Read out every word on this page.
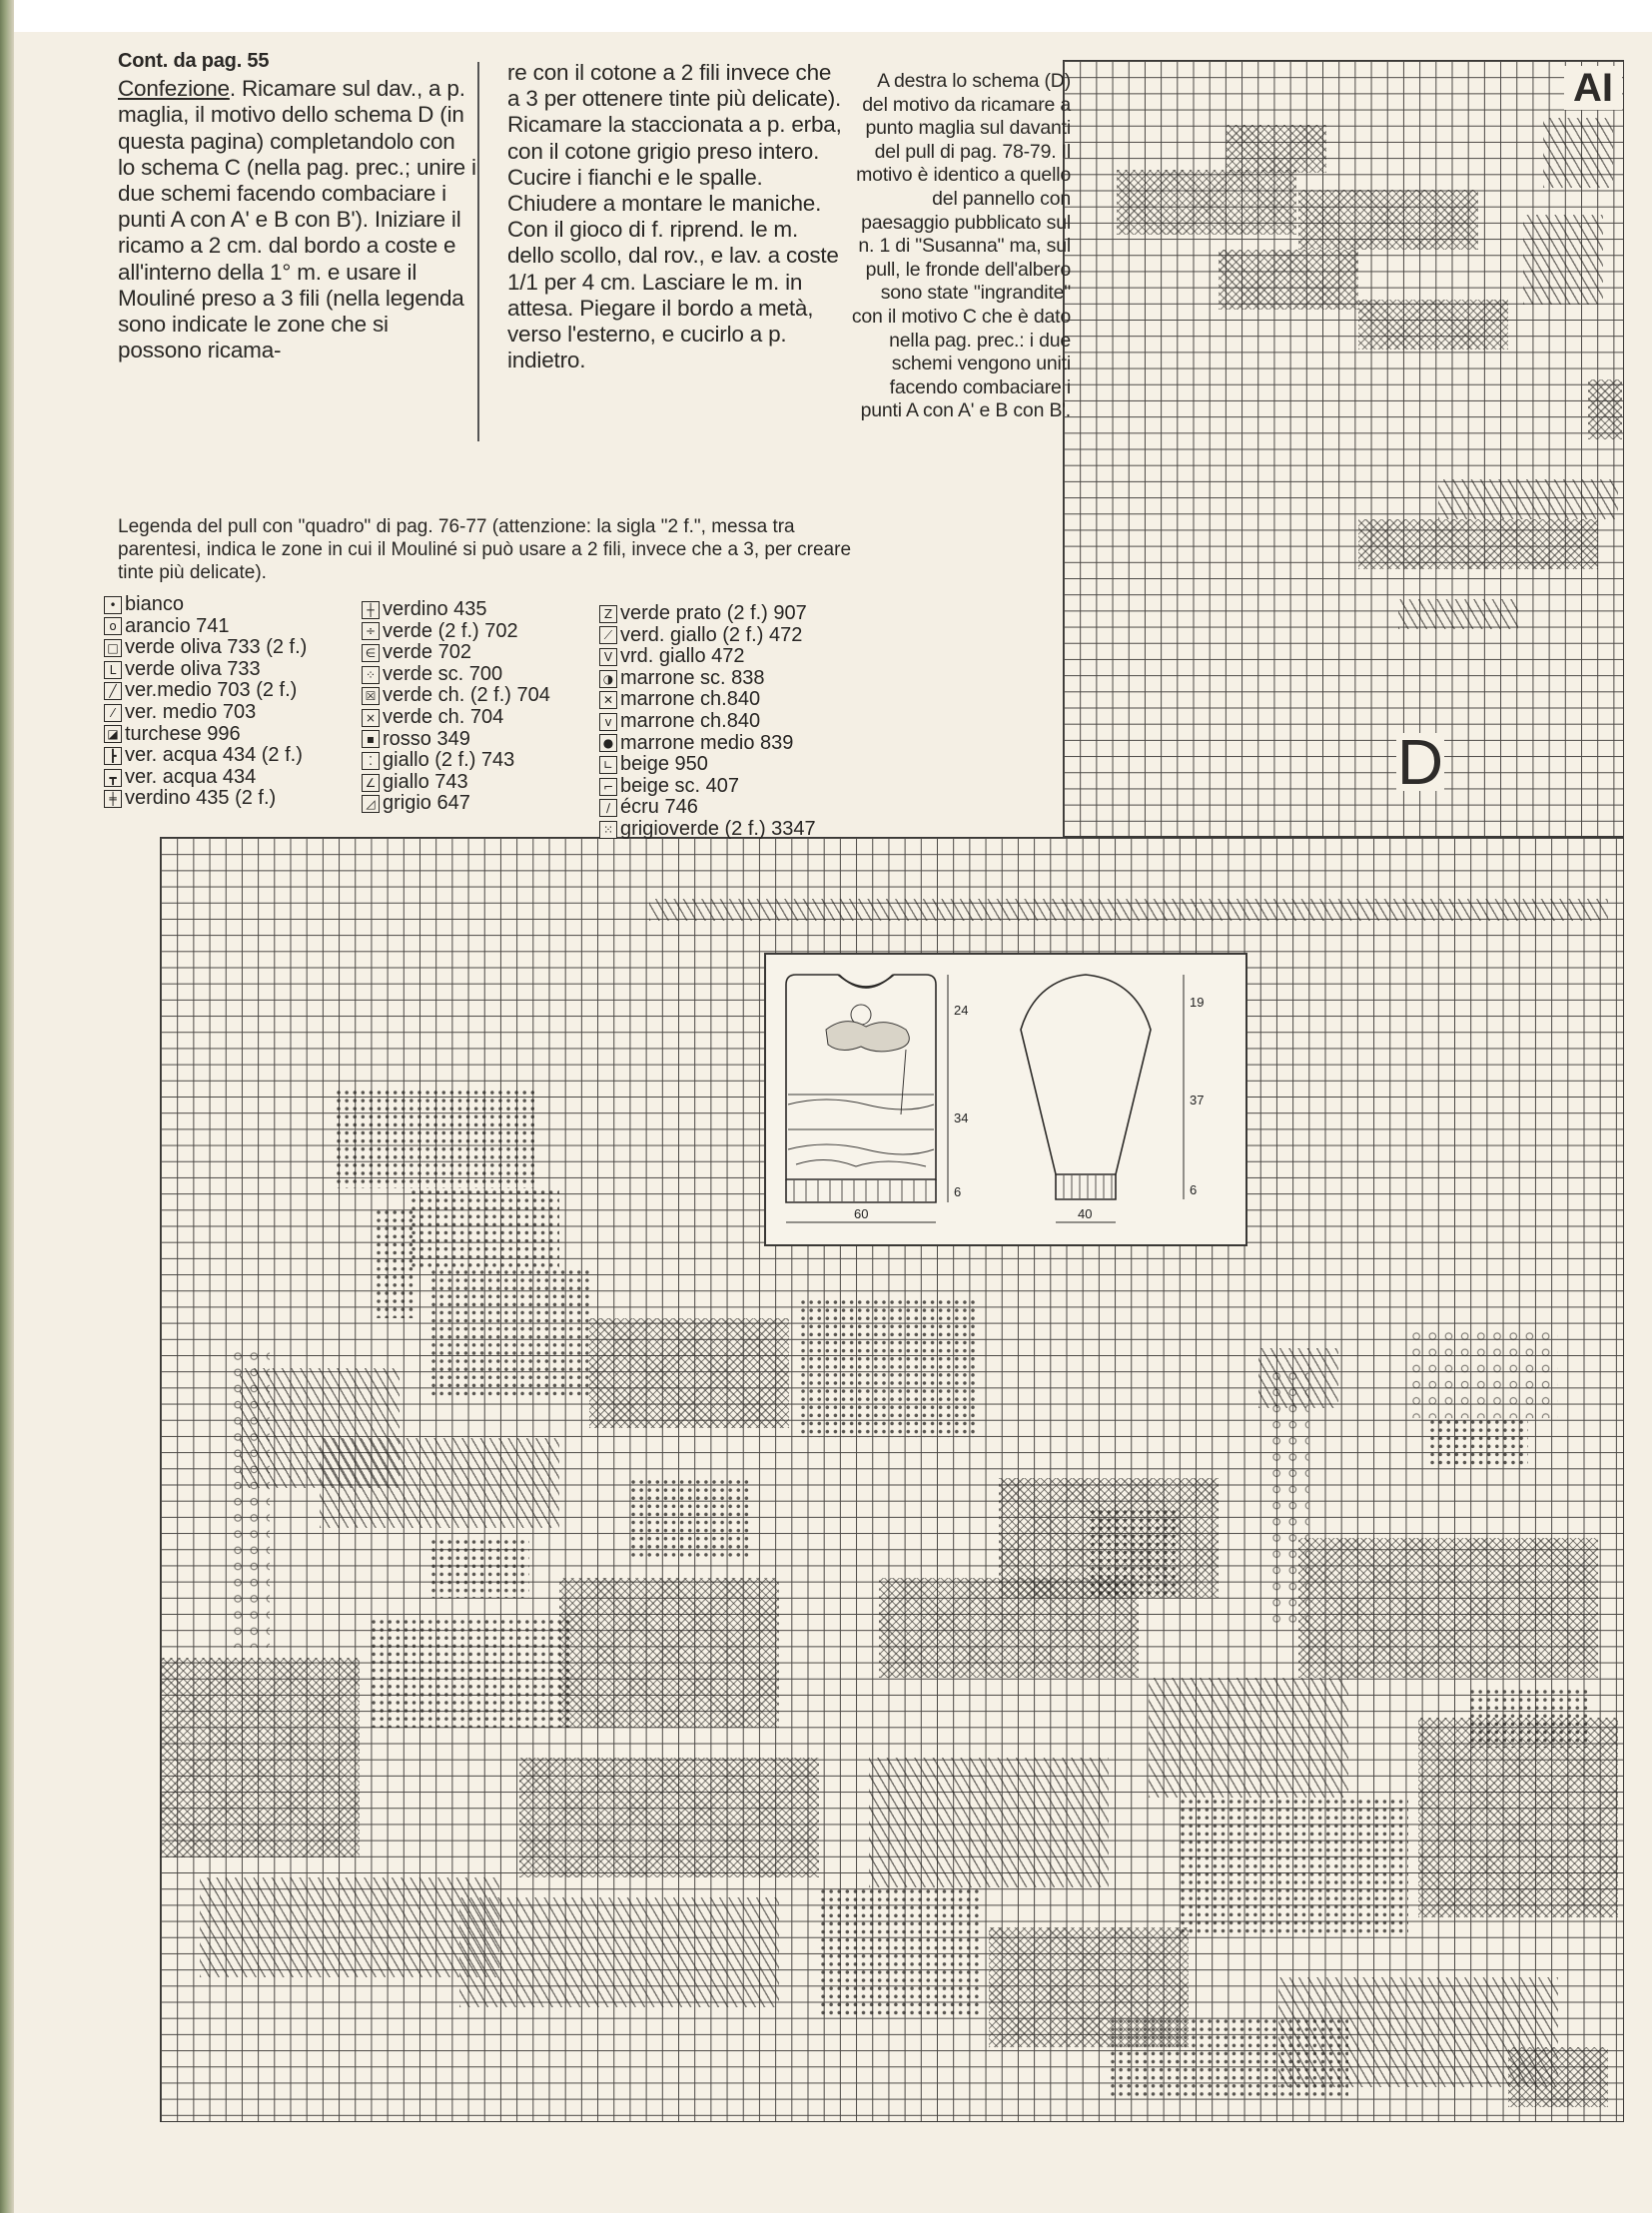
Cont. da pag. 55
Confezione. Ricamare sul dav., a p. maglia, il motivo dello schema D (in questa pagina) completandolo con lo schema C (nella pag. prec.; unire i due schemi facendo combaciare i punti A con A' e B con B'). Iniziare il ricamo a 2 cm. dal bordo a coste e all'interno della 1° m. e usare il Mouliné preso a 3 fili (nella legenda sono indicate le zone che si possono ricama-
re con il cotone a 2 fili invece che a 3 per ottenere tinte più delicate). Ricamare la staccionata a p. erba, con il cotone grigio preso intero. Cucire i fianchi e le spalle. Chiudere a montare le maniche. Con il gioco di f. riprend. le m. dello scollo, dal rov., e lav. a coste 1/1 per 4 cm. Lasciare le m. in attesa. Piegare il bordo a metà, verso l'esterno, e cucirlo a p. indietro.
A destra lo schema (D) del motivo da ricamare a punto maglia sul davanti del pull di pag. 78-79. Il motivo è identico a quello del pannello con paesaggio pubblicato sul n. 1 di "Susanna" ma, sul pull, le fronde dell'albero sono state "ingrandite" con il motivo C che è dato nella pag. prec.: i due schemi vengono uniti facendo combaciare i punti A con A' e B con B'.
Legenda del pull con "quadro" di pag. 76-77 (attenzione: la sigla "2 f.", messa tra parentesi, indica le zone in cui il Mouliné si può usare a 2 fili, invece che a 3, per creare tinte più delicate).
• bianco
o arancio 741
□ verde oliva 733 (2 f.)
L verde oliva 733
╱ ver.medio 703 (2 f.)
⁄ ver. medio 703
◪ turchese 996
┣ ver. acqua 434 (2 f.)
┳ ver. acqua 434
╪ verdino 435 (2 f.)
┼ verdino 435
÷ verde (2 f.) 702
∈ verde 702
⁘ verde sc. 700
☒ verde ch. (2 f.) 704
× verde ch. 704
▪ rosso 349
⁚ giallo (2 f.) 743
∠ giallo 743
◿ grigio 647
Z verde prato (2 f.) 907
⟋ verd. giallo (2 f.) 472
V vrd. giallo 472
◑ marrone sc. 838
✕ marrone ch.840
v marrone ch.840
● marrone medio 839
∟ beige 950
⌐ beige sc. 407
∕ écru 746
⁙ grigioverde (2 f.) 3347
D
AI
24
34
6
60
19
37
6
40
